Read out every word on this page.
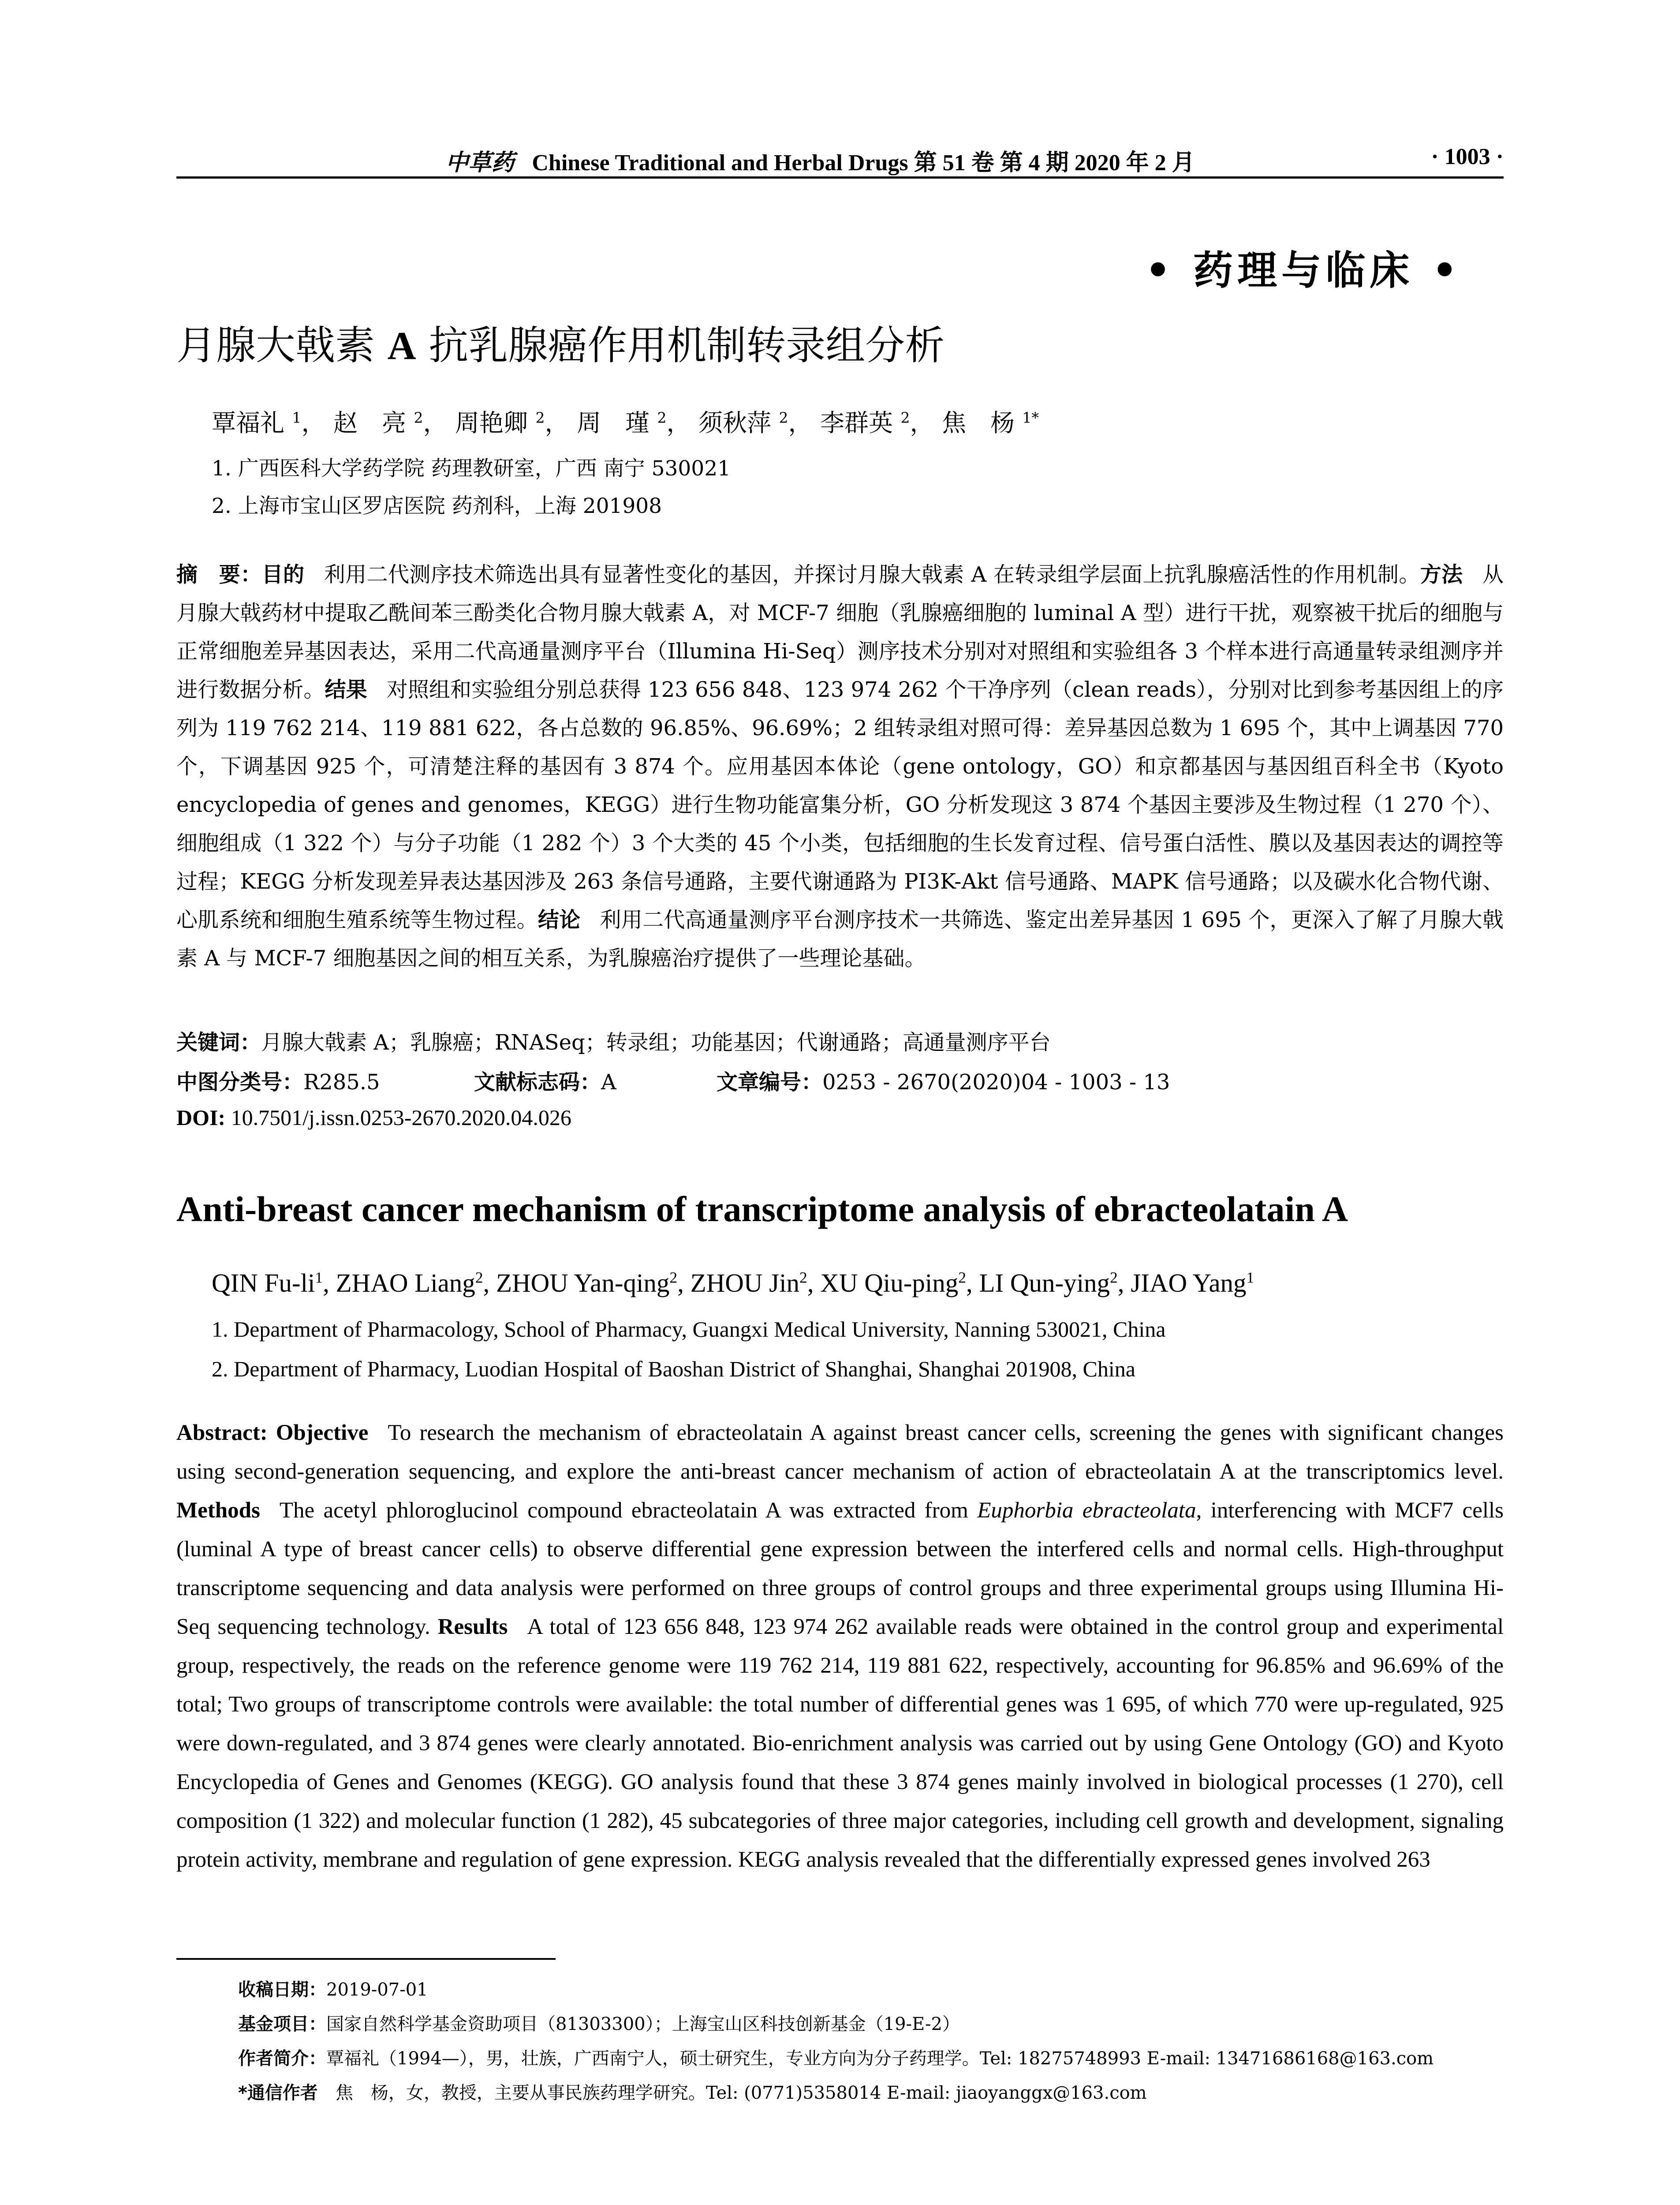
中草药 Chinese Traditional and Herbal Drugs 第 51 卷 第 4 期 2020 年 2 月	· 1003 ·
• 药理与临床 •
月腺大戟素 A 抗乳腺癌作用机制转录组分析
覃福礼 $^1$， 赵　亮 $^2$， 周艳卿 $^2$， 周　瑾 $^2$， 须秋萍 $^2$， 李群英 $^2$， 焦　杨 $^{1*}$
1. 广西医科大学药学院 药理教研室，广西 南宁 530021
2. 上海市宝山区罗店医院 药剂科，上海 201908
摘　要：目的 利用二代测序技术筛选出具有显著性变化的基因，并探讨月腺大戟素 A 在转录组学层面上抗乳腺癌活性的作用机制。方法 从月腺大戟药材中提取乙酰间苯三酚类化合物月腺大戟素 A，对 MCF-7 细胞（乳腺癌细胞的 luminal A 型）进行干扰，观察被干扰后的细胞与正常细胞差异基因表达，采用二代高通量测序平台（Illumina Hi-Seq）测序技术分别对对照组和实验组各 3 个样本进行高通量转录组测序并进行数据分析。结果 对照组和实验组分别总获得 123 656 848、123 974 262 个干净序列（clean reads），分别对比到参考基因组上的序列为 119 762 214、119 881 622，各占总数的 96.85%、96.69%；2 组转录组对照可得：差异基因总数为 1 695 个，其中上调基因 770 个，下调基因 925 个，可清楚注释的基因有 3 874 个。应用基因本体论（gene ontology，GO）和京都基因与基因组百科全书（Kyoto encyclopedia of genes and genomes，KEGG）进行生物功能富集分析，GO 分析发现这 3 874 个基因主要涉及生物过程（1 270 个）、细胞组成（1 322 个）与分子功能（1 282 个）3 个大类的 45 个小类，包括细胞的生长发育过程、信号蛋白活性、膜以及基因表达的调控等过程；KEGG 分析发现差异表达基因涉及 263 条信号通路，主要代谢通路为 PI3K-Akt 信号通路、MAPK 信号通路；以及碳水化合物代谢、心肌系统和细胞生殖系统等生物过程。结论 利用二代高通量测序平台测序技术一共筛选、鉴定出差异基因 1 695 个，更深入了解了月腺大戟素 A 与 MCF-7 细胞基因之间的相互关系，为乳腺癌治疗提供了一些理论基础。
关键词：月腺大戟素 A；乳腺癌；RNASeq；转录组；功能基因；代谢通路；高通量测序平台
中图分类号：R285.5	文献标志码：A	文章编号：0253 - 2670(2020)04 - 1003 - 13
DOI: 10.7501/j.issn.0253-2670.2020.04.026
Anti-breast cancer mechanism of transcriptome analysis of ebracteolatain A
QIN $Fu-li^1$, ZHAO Liang$^2$, ZHOU Yan-qing$^2$, ZHOU Jin$^2$, XU Qiu-ping$^2$, LI Qun-ying$^2$, JIAO Yang$^1$
1. Department of Pharmacology, School of Pharmacy, Guangxi Medical University, Nanning 530021, China
2. Department of Pharmacy, Luodian Hospital of Baoshan District of Shanghai, Shanghai 201908, China
Abstract: Objective To research the mechanism of ebracteolatain A against breast cancer cells, screening the genes with significant changes using second-generation sequencing, and explore the anti-breast cancer mechanism of action of ebracteolatain A at the transcriptomics level. Methods The acetyl phloroglucinol compound ebracteolatain A was extracted from Euphorbia ebracteolata, interferencing with MCF7 cells (luminal A type of breast cancer cells) to observe differential gene expression between the interfered cells and normal cells. High-throughput transcriptome sequencing and data analysis were performed on three groups of control groups and three experimental groups using Illumina Hi-Seq sequencing technology. Results A total of 123 656 848, 123 974 262 available reads were obtained in the control group and experimental group, respectively, the reads on the reference genome were 119 762 214, 119 881 622, respectively, accounting for 96.85% and 96.69% of the total; Two groups of transcriptome controls were available: the total number of differential genes was 1 695, of which 770 were up-regulated, 925 were down-regulated, and 3 874 genes were clearly annotated. Bio-enrichment analysis was carried out by using Gene Ontology (GO) and Kyoto Encyclopedia of Genes and Genomes (KEGG). GO analysis found that these 3 874 genes mainly involved in biological processes (1 270), cell composition (1 322) and molecular function (1 282), 45 subcategories of three major categories, including cell growth and development, signaling protein activity, membrane and regulation of gene expression. KEGG analysis revealed that the differentially expressed genes involved 263
收稿日期：2019-07-01
基金项目：国家自然科学基金资助项目（81303300）；上海宝山区科技创新基金（19-E-2）
作者简介：覃福礼（1994—），男，壮族，广西南宁人，硕士研究生，专业方向为分子药理学。Tel: 18275748993 E-mail: 13471686168@163.com
*通信作者　 焦　杨，女，教授，主要从事民族药理学研究。Tel: (0771)5358014 E-mail: jiaoyanggx@163.com
